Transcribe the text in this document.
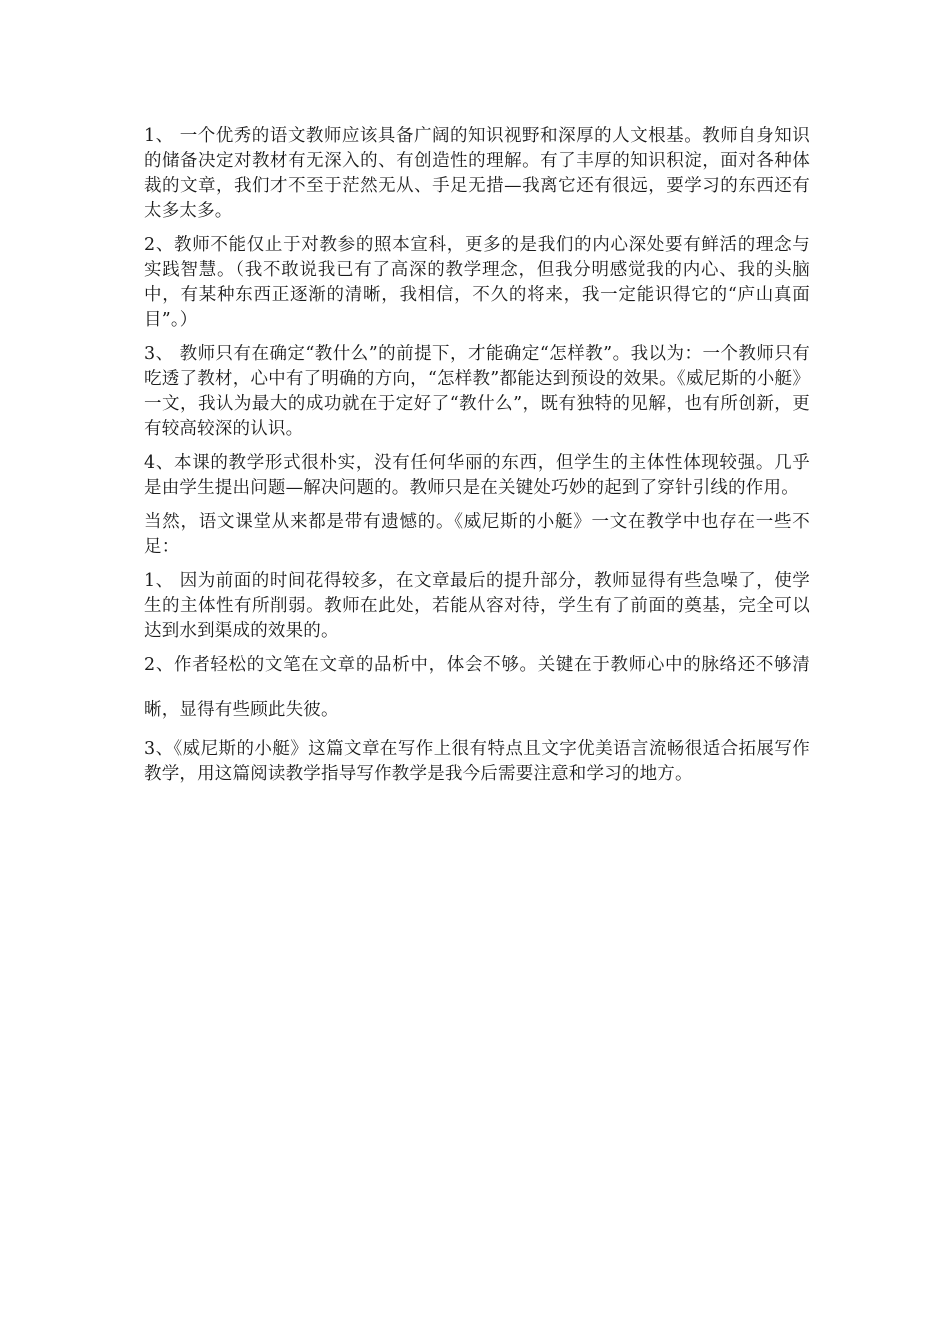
1、 一个优秀的语文教师应该具备广阔的知识视野和深厚的人文根基。教师自身知识的储备决定对教材有无深入的、有创造性的理解。有了丰厚的知识积淀，面对各种体裁的文章，我们才不至于茫然无从、手足无措—我离它还有很远，要学习的东西还有太多太多。

2、教师不能仅止于对教参的照本宣科，更多的是我们的内心深处要有鲜活的理念与实践智慧。（我不敢说我已有了高深的教学理念，但我分明感觉我的内心、我的头脑中，有某种东西正逐渐的清晰，我相信，不久的将来，我一定能识得它的“庐山真面目”。）

3、 教师只有在确定“教什么”的前提下，才能确定“怎样教”。我以为：一个教师只有吃透了教材，心中有了明确的方向，“怎样教”都能达到预设的效果。《威尼斯的小艇》一文，我认为最大的成功就在于定好了“教什么”，既有独特的见解，也有所创新，更有较高较深的认识。

4、本课的教学形式很朴实，没有任何华丽的东西，但学生的主体性体现较强。几乎是由学生提出问题—解决问题的。教师只是在关键处巧妙的起到了穿针引线的作用。

当然，语文课堂从来都是带有遗憾的。《威尼斯的小艇》一文在教学中也存在一些不足：

1、 因为前面的时间花得较多，在文章最后的提升部分，教师显得有些急噪了，使学生的主体性有所削弱。教师在此处，若能从容对待，学生有了前面的奠基，完全可以达到水到渠成的效果的。

2、作者轻松的文笔在文章的品析中，体会不够。关键在于教师心中的脉络还不够清晰，显得有些顾此失彼。

3、《威尼斯的小艇》这篇文章在写作上很有特点且文字优美语言流畅很适合拓展写作教学，用这篇阅读教学指导写作教学是我今后需要注意和学习的地方。
